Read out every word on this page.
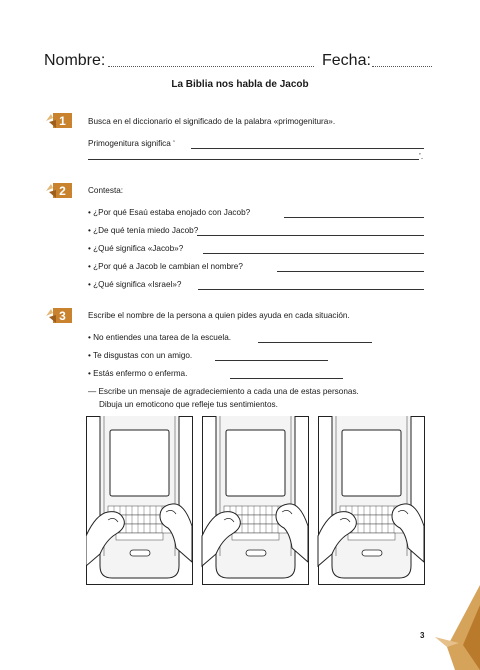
Nombre:	Fecha:
La Biblia nos habla de Jacob
1	Busca en el diccionario el significado de la palabra «primogenitura».
Primogenitura significa ‘
’.
2	Contesta:
• ¿Por qué Esaú estaba enojado con Jacob?
• ¿De qué tenía miedo Jacob?
• ¿Qué significa «Jacob»?
• ¿Por qué a Jacob le cambian el nombre?
• ¿Qué significa «Israel»?
3	Escribe el nombre de la persona a quien pides ayuda en cada situación.
• No entiendes una tarea de la escuela.
• Te disgustas con un amigo.
• Estás enfermo o enferma.
— Escribe un mensaje de agradeciemiento a cada una de estas personas.
Dibuja un emoticono que refleje tus sentimientos.
3
